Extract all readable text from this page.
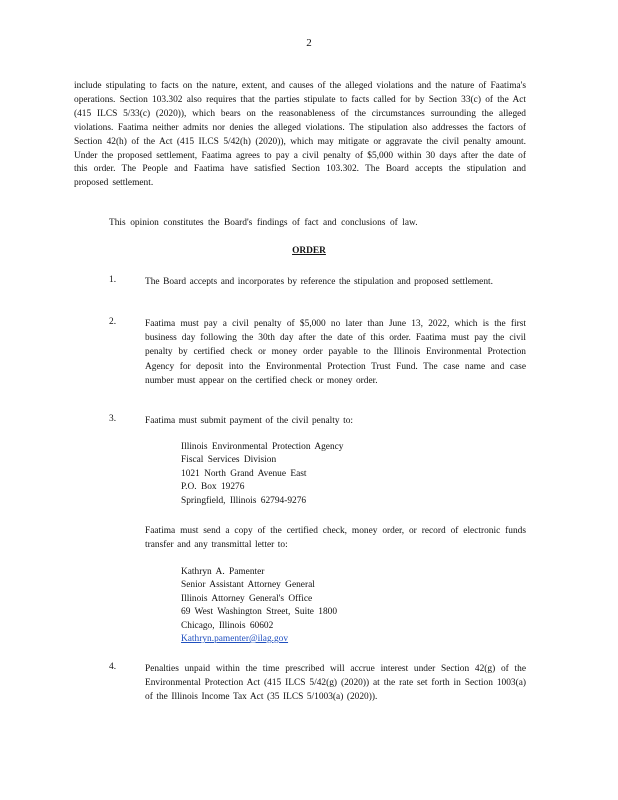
2
include stipulating to facts on the nature, extent, and causes of the alleged violations and the nature of Faatima's operations. Section 103.302 also requires that the parties stipulate to facts called for by Section 33(c) of the Act (415 ILCS 5/33(c) (2020)), which bears on the reasonableness of the circumstances surrounding the alleged violations. Faatima neither admits nor denies the alleged violations. The stipulation also addresses the factors of Section 42(h) of the Act (415 ILCS 5/42(h) (2020)), which may mitigate or aggravate the civil penalty amount. Under the proposed settlement, Faatima agrees to pay a civil penalty of $5,000 within 30 days after the date of this order. The People and Faatima have satisfied Section 103.302. The Board accepts the stipulation and proposed settlement.
This opinion constitutes the Board's findings of fact and conclusions of law.
ORDER
1.	The Board accepts and incorporates by reference the stipulation and proposed settlement.
2.	Faatima must pay a civil penalty of $5,000 no later than June 13, 2022, which is the first business day following the 30th day after the date of this order. Faatima must pay the civil penalty by certified check or money order payable to the Illinois Environmental Protection Agency for deposit into the Environmental Protection Trust Fund. The case name and case number must appear on the certified check or money order.
3.	Faatima must submit payment of the civil penalty to:
Illinois Environmental Protection Agency
Fiscal Services Division
1021 North Grand Avenue East
P.O. Box 19276
Springfield, Illinois 62794-9276
Faatima must send a copy of the certified check, money order, or record of electronic funds transfer and any transmittal letter to:
Kathryn A. Pamenter
Senior Assistant Attorney General
Illinois Attorney General's Office
69 West Washington Street, Suite 1800
Chicago, Illinois 60602
Kathryn.pamenter@ilag.gov
4.	Penalties unpaid within the time prescribed will accrue interest under Section 42(g) of the Environmental Protection Act (415 ILCS 5/42(g) (2020)) at the rate set forth in Section 1003(a) of the Illinois Income Tax Act (35 ILCS 5/1003(a) (2020)).
